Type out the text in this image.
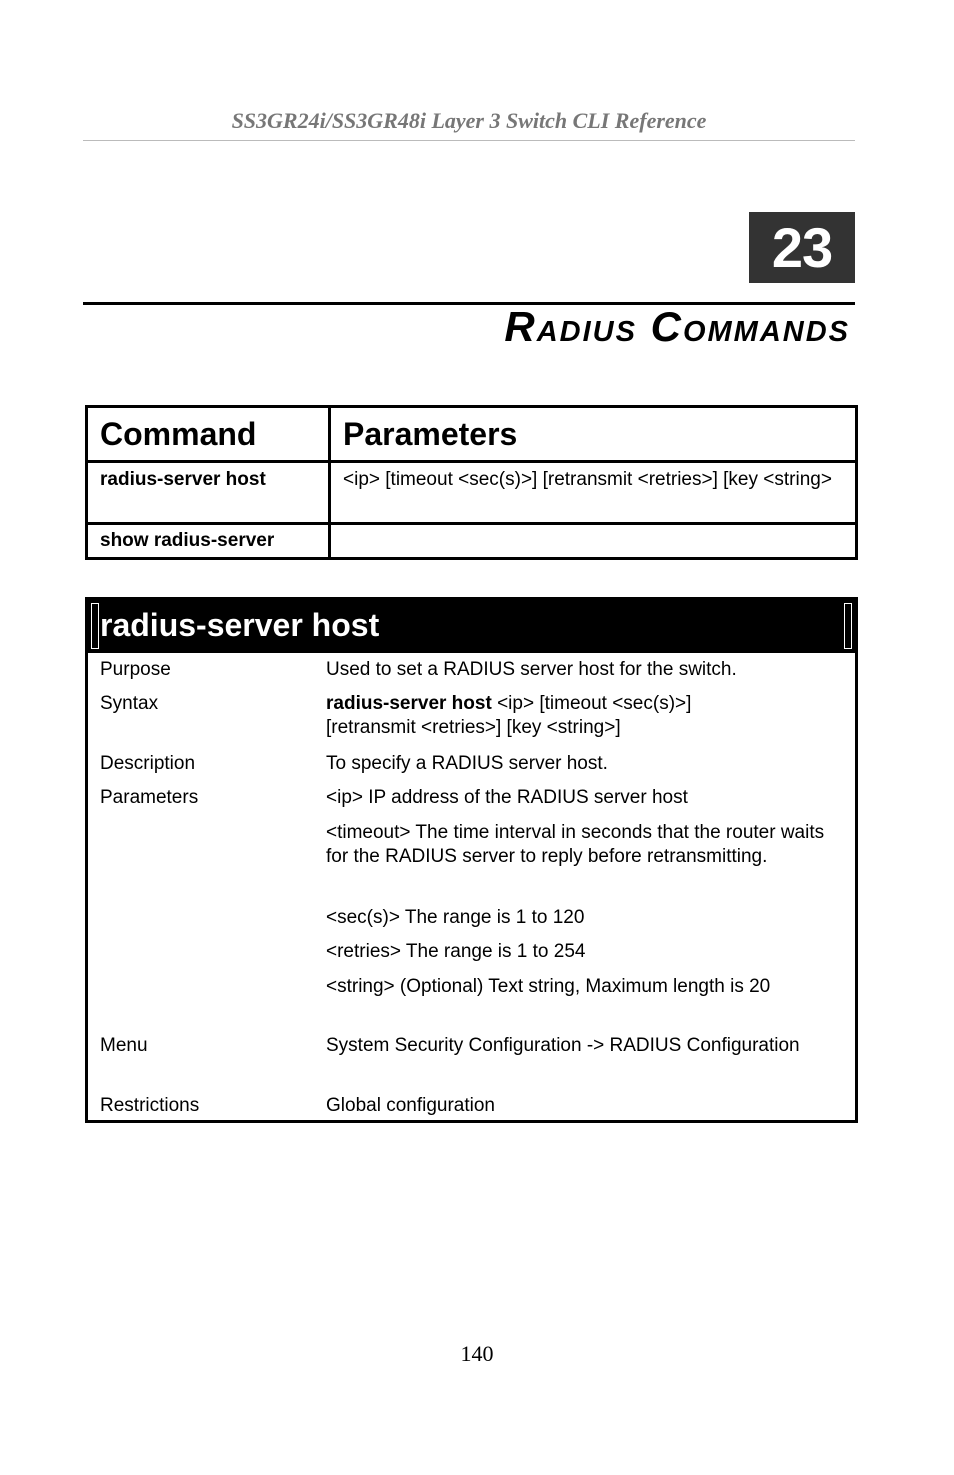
SS3GR24i/SS3GR48i Layer 3 Switch CLI Reference
23
Radius Commands
Command	Parameters
radius-server host	<ip> [timeout <sec(s)>] [retransmit <retries>] [key <string>
show radius-server	
radius-server host
Purpose	Used to set a RADIUS server host for the switch.
Syntax	radius-server host <ip> [timeout <sec(s)>]
[retransmit <retries>] [key <string>]
Description	To specify a RADIUS server host.
Parameters	<ip> IP address of the RADIUS server host
<timeout> The time interval in seconds that the router waits for the RADIUS server to reply before retransmitting.
<sec(s)> The range is 1 to 120
<retries> The range is 1 to 254
<string> (Optional) Text string, Maximum length is 20
Menu	System Security Configuration -> RADIUS Configuration
Restrictions	Global configuration
140
